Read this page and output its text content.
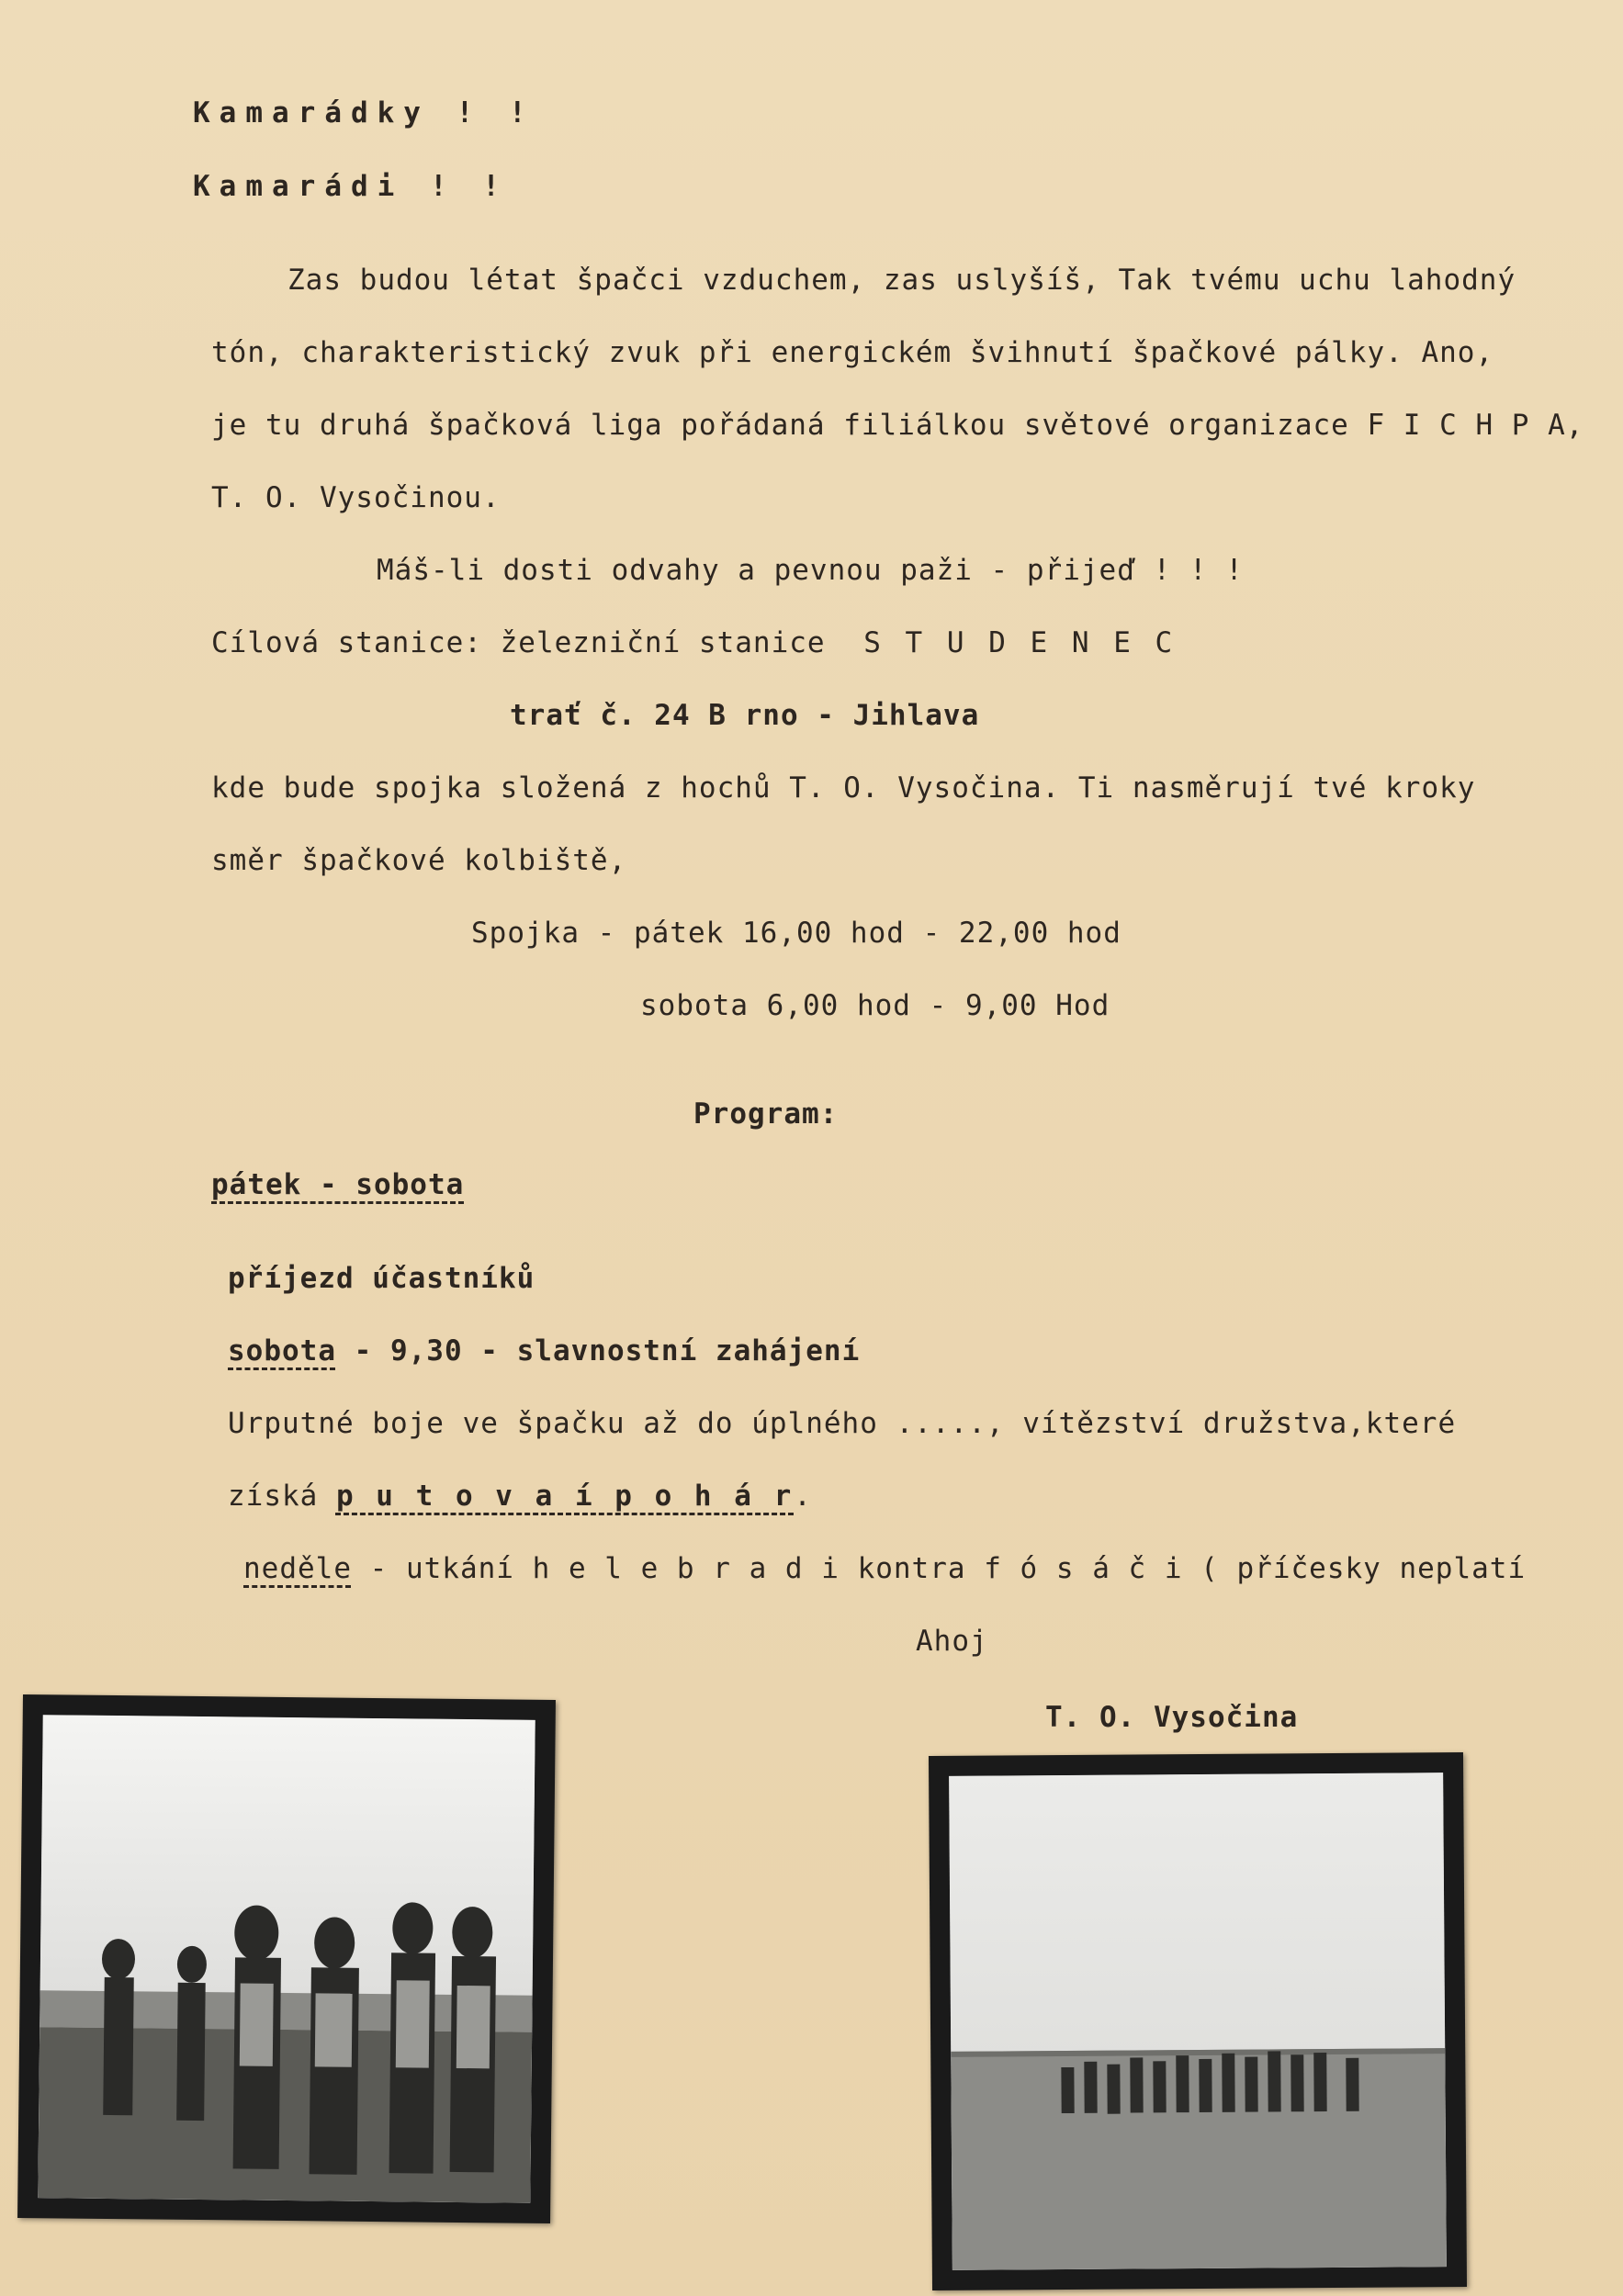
Kamarádky ! !
Kamarádi ! !
Zas budou létat špačci vzduchem, zas uslyšíš, Tak tvému uchu lahodný
tón, charakteristický zvuk při energickém švihnutí špačkové pálky. Ano,
je tu druhá špačková liga pořádaná filiálkou světové organizace F I C H P A,
T. O. Vysočinou.
Máš-li dosti odvahy a pevnou paži - přijeď ! ! !
Cílová stanice: železniční stanice S T U D E N E C
trať č. 24 B rno - Jihlava
kde bude spojka složená z hochů T. O. Vysočina. Ti nasměrují tvé kroky
směr špačkové kolbiště,
Spojka - pátek 16,00 hod - 22,00 hod
sobota 6,00 hod - 9,00 Hod
Program:
pátek - sobota
příjezd účastníků
sobota - 9,30 - slavnostní zahájení
Urputné boje ve špačku až do úplného ....., vítězství družstva,které
získá p u t o v a í p o h á r.
neděle - utkání h e l e b r a d i kontra f ó s á č i ( příčesky neplatí
Ahoj
T. O. Vysočina
